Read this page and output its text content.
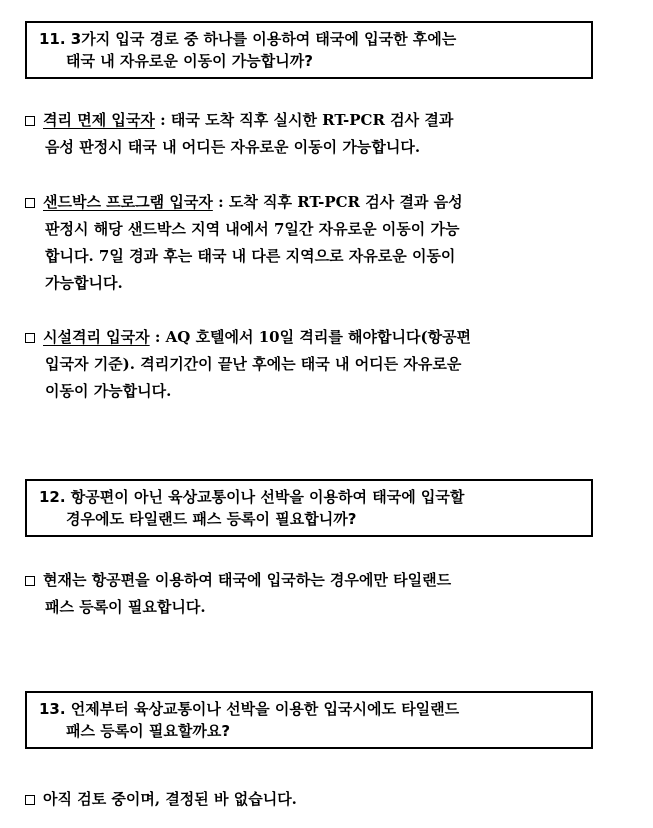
11. 3가지 입국 경로 중 하나를 이용하여 태국에 입국한 후에는
태국 내 자유로운 이동이 가능합니까?
격리 면제 입국자 : 태국 도착 직후 실시한 RT-PCR 검사 결과
음성 판정시 태국 내 어디든 자유로운 이동이 가능합니다.
샌드박스 프로그램 입국자 : 도착 직후 RT-PCR 검사 결과 음성
판정시 해당 샌드박스 지역 내에서 7일간 자유로운 이동이 가능
합니다. 7일 경과 후는 태국 내 다른 지역으로 자유로운 이동이
가능합니다.
시설격리 입국자 : AQ 호텔에서 10일 격리를 해야합니다(항공편
입국자 기준). 격리기간이 끝난 후에는 태국 내 어디든 자유로운
이동이 가능합니다.
12. 항공편이 아닌 육상교통이나 선박을 이용하여 태국에 입국할
경우에도 타일랜드 패스 등록이 필요합니까?
현재는 항공편을 이용하여 태국에 입국하는 경우에만 타일랜드
패스 등록이 필요합니다.
13. 언제부터 육상교통이나 선박을 이용한 입국시에도 타일랜드
패스 등록이 필요할까요?
아직 검토 중이며, 결정된 바 없습니다.
